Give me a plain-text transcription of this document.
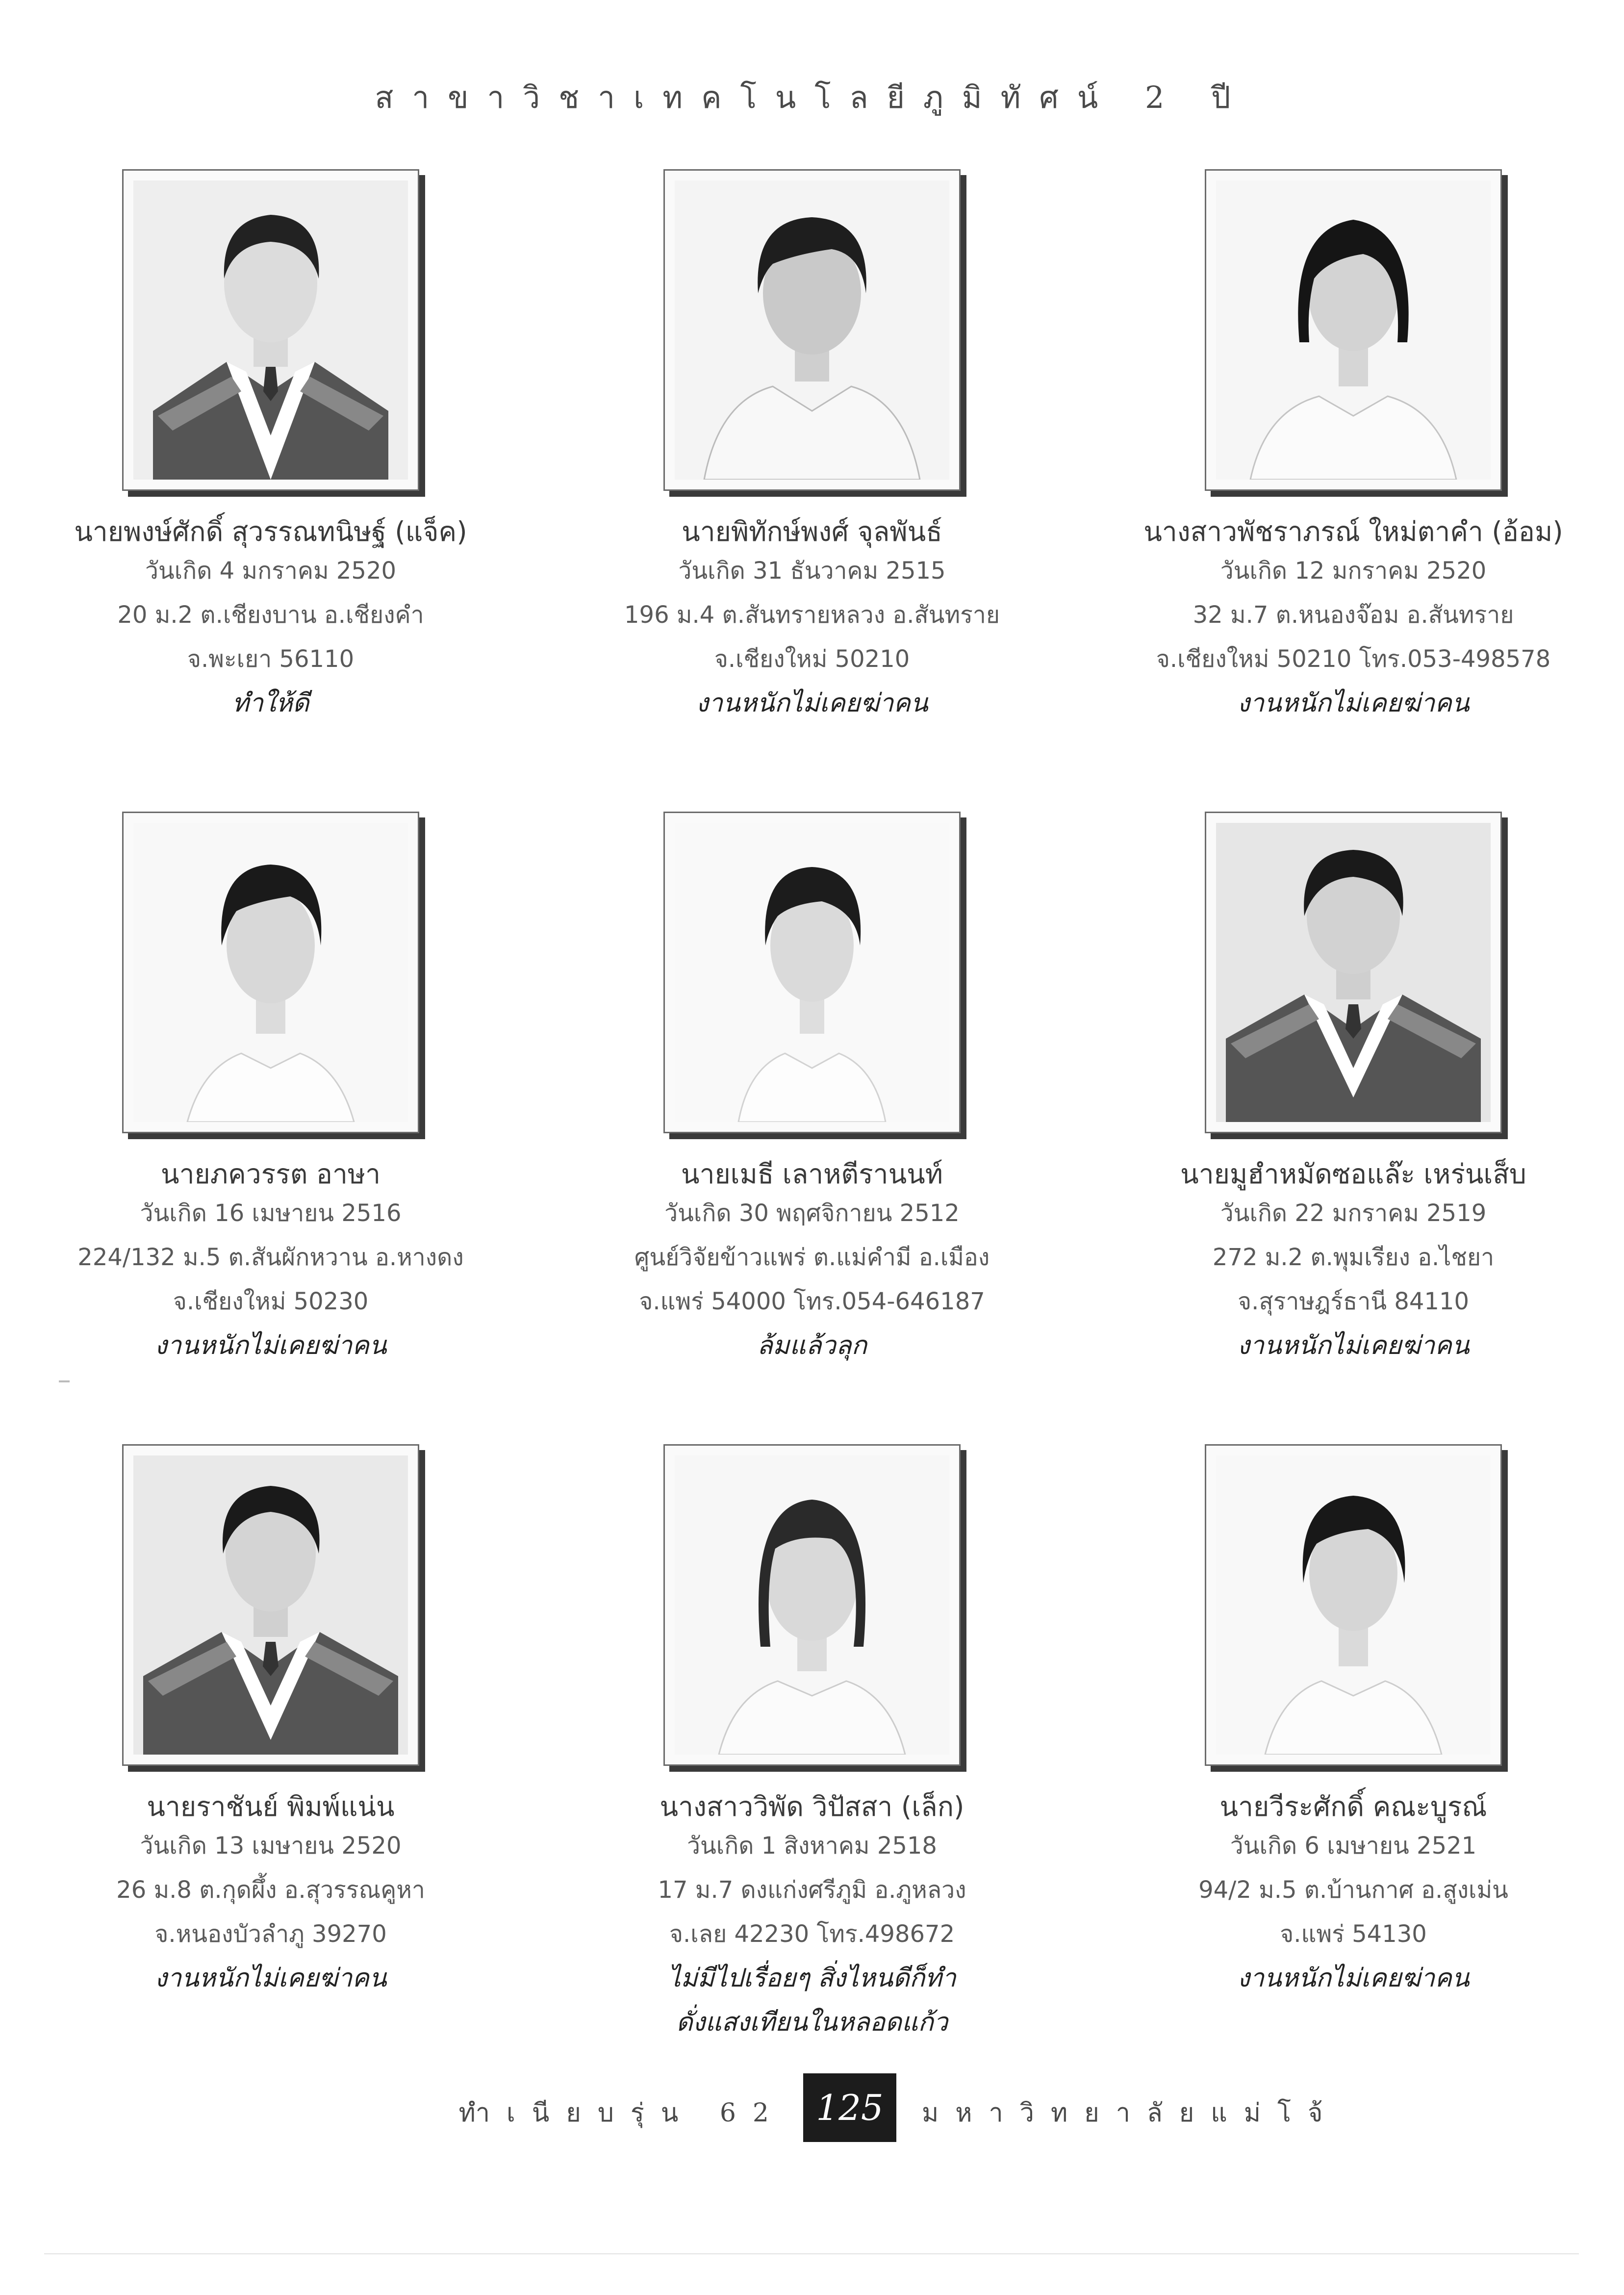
สาขาวิชาเทคโนโลยีภูมิทัศน์ 2 ปี
นายพงษ์ศักดิ์ สุวรรณทนิษฐ์ (แจ็ค)
วันเกิด 4 มกราคม 2520
20 ม.2 ต.เชียงบาน อ.เชียงคำ
จ.พะเยา 56110
ทำให้ดี
นายพิทักษ์พงศ์ จุลพันธ์
วันเกิด 31 ธันวาคม 2515
196 ม.4 ต.สันทรายหลวง อ.สันทราย
จ.เชียงใหม่ 50210
งานหนักไม่เคยฆ่าคน
นางสาวพัชราภรณ์ ใหม่ตาคำ (อ้อม)
วันเกิด 12 มกราคม 2520
32 ม.7 ต.หนองจ๊อม อ.สันทราย
จ.เชียงใหม่ 50210 โทร.053-498578
งานหนักไม่เคยฆ่าคน
นายภควรรต อาษา
วันเกิด 16 เมษายน 2516
224/132 ม.5 ต.สันผักหวาน อ.หางดง
จ.เชียงใหม่ 50230
งานหนักไม่เคยฆ่าคน
นายเมธี เลาหตีรานนท์
วันเกิด 30 พฤศจิกายน 2512
ศูนย์วิจัยข้าวแพร่ ต.แม่คำมี อ.เมือง
จ.แพร่ 54000 โทร.054-646187
ล้มแล้วลุก
นายมูฮำหมัดซอแล๊ะ เหร่นเส็บ
วันเกิด 22 มกราคม 2519
272 ม.2 ต.พุมเรียง อ.ไชยา
จ.สุราษฎร์ธานี 84110
งานหนักไม่เคยฆ่าคน
นายราชันย์ พิมพ์แน่น
วันเกิด 13 เมษายน 2520
26 ม.8 ต.กุดผึ้ง อ.สุวรรณคูหา
จ.หนองบัวลำภู 39270
งานหนักไม่เคยฆ่าคน
นางสาววิพัด วิปัสสา (เล็ก)
วันเกิด 1 สิงหาคม 2518
17 ม.7 ดงแก่งศรีภูมิ อ.ภูหลวง
จ.เลย 42230 โทร.498672
ไม่มีไปเรื่อยๆ สิ่งไหนดีก็ทำ
ดั่งแสงเทียนในหลอดแก้ว
นายวีระศักดิ์ คณะบูรณ์
วันเกิด 6 เมษายน 2521
94/2 ม.5 ต.บ้านกาศ อ.สูงเม่น
จ.แพร่ 54130
งานหนักไม่เคยฆ่าคน
ทำเนียบรุ่น 62 125	มหาวิทยาลัยแม่โจ้
